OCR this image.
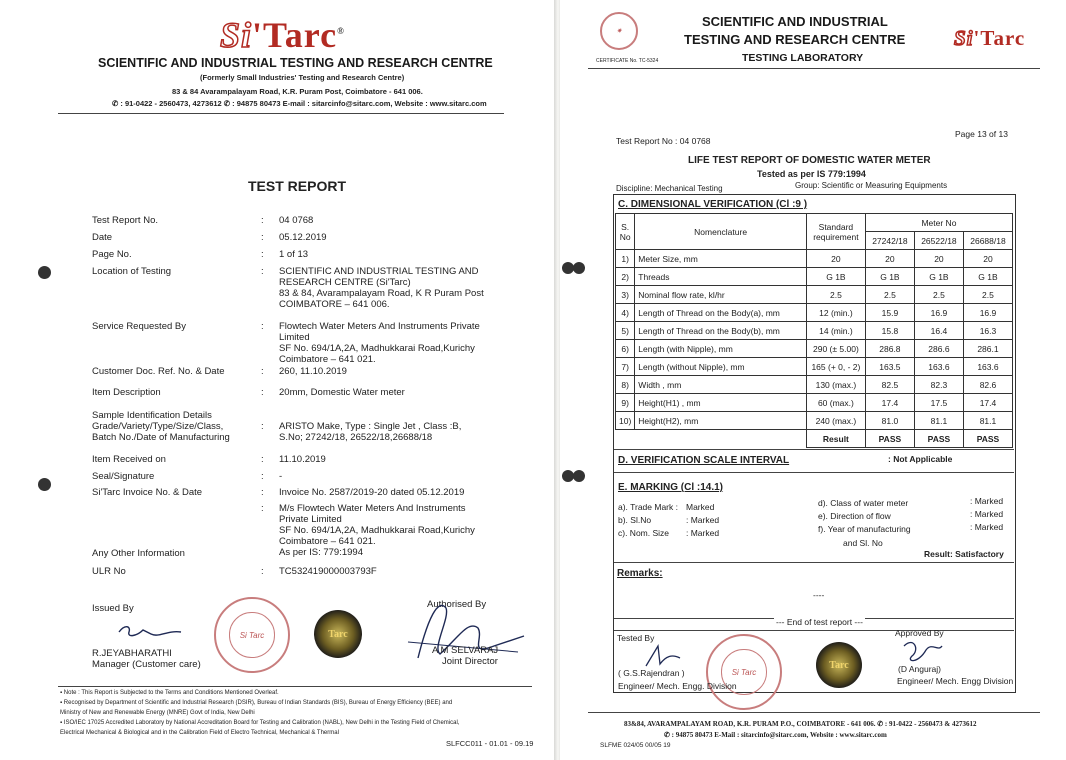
Si'Tarc®
SCIENTIFIC AND INDUSTRIAL TESTING AND RESEARCH CENTRE
(Formerly Small Industries' Testing and Research Centre)
83 & 84 Avarampalayam Road, K.R. Puram Post, Coimbatore - 641 006.
✆ : 91-0422 - 2560473, 4273612 ✆ : 94875 80473 E-mail : sitarcinfo@sitarc.com, Website : www.sitarc.com
TEST REPORT
Test Report No.	: 04 0768
Date	: 05.12.2019
Page No.	: 1 of 13
Location of Testing	: SCIENTIFIC AND INDUSTRIAL TESTING AND
RESEARCH CENTRE (Si'Tarc)
83 & 84, Avarampalayam Road, K R Puram Post
COIMBATORE – 641 006.
Service Requested By	: Flowtech Water Meters And Instruments Private
Limited
SF No. 694/1A,2A, Madhukkarai Road,Kurichy
Coimbatore – 641 021.
Customer Doc. Ref. No. & Date	: 260, 11.10.2019
Item Description	: 20mm, Domestic Water meter
Sample Identification Details
Grade/Variety/Type/Size/Class,
Batch No./Date of Manufacturing
: ARISTO Make, Type : Single Jet , Class :B,
S.No; 27242/18, 26522/18,26688/18
Item Received on	: 11.10.2019
Seal/Signature	: -
Si'Tarc Invoice No. & Date	: Invoice No. 2587/2019-20 dated 05.12.2019
Any Other Information
: M/s Flowtech Water Meters And Instruments
Private Limited
SF No. 694/1A,2A, Madhukkarai Road,Kurichy
Coimbatore – 641 021.
As per IS: 779:1994
ULR No	: TC532419000003793F
Issued By	Authorised By
Si Tarc	Tarc
R.JEYABHARATHI
Manager (Customer care)
A M SELVARAJ
Joint Director
▪ Note : This Report is Subjected to the Terms and Conditions Mentioned Overleaf.
▪ Recognised by Department of Scientific and Industrial Research (DSIR), Bureau of Indian Standards (BIS), Bureau of Energy Efficiency (BEE) and
Ministry of New and Renewable Energy (MNRE) Govt of India, New Delhi
▪ ISO/IEC 17025 Accredited Laboratory by National Accreditation Board for Testing and Calibration (NABL), New Delhi in the Testing Field of Chemical,
Electrical Mechanical & Biological and in the Calibration Field of Electro Technical, Mechanical & Thermal
SLFCC011 - 01.01 - 09.19
✷
CERTIFICATE No. TC-5324
SCIENTIFIC AND INDUSTRIAL
TESTING AND RESEARCH CENTRE
TESTING LABORATORY
Si'Tarc
Test Report No : 04 0768
Page 13 of 13
LIFE TEST REPORT OF DOMESTIC WATER METER
Tested as per IS 779:1994
Discipline: Mechanical Testing	Group: Scientific or Measuring Equipments
C. DIMENSIONAL VERIFICATION (Cl :9 )
S.
No	Nomenclature	Standard
requirement	Meter No		
			27242/18	26522/18	26688/18
1)	Meter Size, mm	20	20	20	20
2)	Threads	G 1B	G 1B	G 1B	G 1B
3)	Nominal flow rate, kl/hr	2.5	2.5	2.5	2.5
4)	Length of Thread on the Body(a), mm	12 (min.)	15.9	16.9	16.9
5)	Length of Thread on the Body(b), mm	14 (min.)	15.8	16.4	16.3
6)	Length (with Nipple), mm	290 (± 5.00)	286.8	286.6	286.1
7)	Length (without Nipple), mm	165 (+ 0, - 2)	163.5	163.6	163.6
8)	Width , mm	130 (max.)	82.5	82.3	82.6
9)	Height(H1) , mm	60 (max.)	17.4	17.5	17.4
10)	Height(H2), mm	240 (max.)	81.0	81.1	81.1
		Result	PASS	PASS	PASS
D. VERIFICATION SCALE INTERVAL	: Not Applicable
E. MARKING (Cl :14.1)
a). Trade Mark : Marked
b). Sl.No	: Marked
c). Nom. Size : Marked
d). Class of water meter	: Marked
e). Direction of flow	: Marked
f). Year of manufacturing	: Marked
and Sl. No
Result: Satisfactory
Remarks:
----
--- End of test report ---
Tested By	Approved By
Si Tarc
Tarc
( G.S.Rajendran )
Engineer/ Mech. Engg. Division
(D Anguraj)
Engineer/ Mech. Engg Division
83&84, AVARAMPALAYAM ROAD, K.R. PURAM P.O., COIMBATORE - 641 006. ✆ : 91-0422 - 2560473 & 4273612
✆ : 94875 80473 E-Mail : sitarcinfo@sitarc.com, Website : www.sitarc.com
SLFME 024/05 00/05 19
